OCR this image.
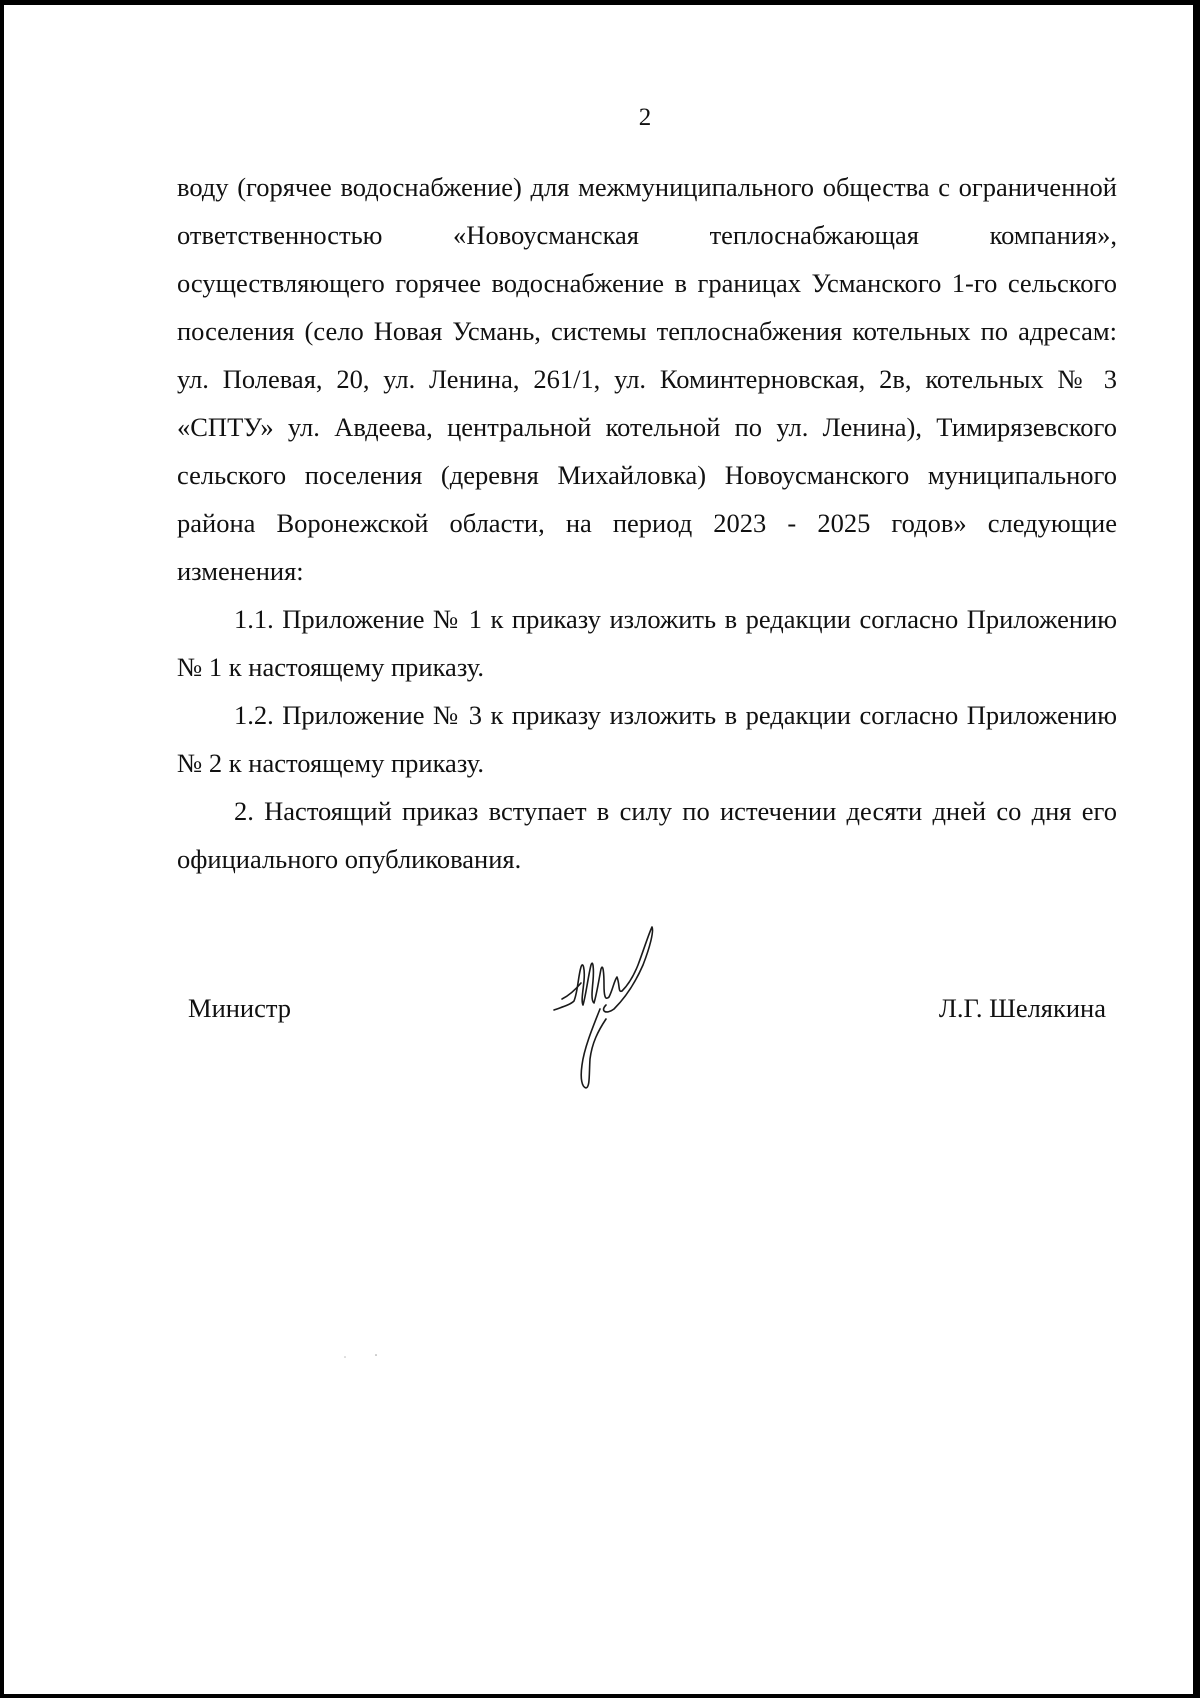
2

воду (горячее водоснабжение) для межмуниципального общества с ограниченной ответственностью «Новоусманская теплоснабжающая компания», осуществляющего горячее водоснабжение в границах Усманского 1-го сельского поселения (село Новая Усмань, системы теплоснабжения котельных по адресам: ул. Полевая, 20, ул. Ленина, 261/1, ул. Коминтерновская, 2в, котельных № 3 «СПТУ» ул. Авдеева, центральной котельной по ул. Ленина), Тимирязевского сельского поселения (деревня Михайловка) Новоусманского муниципального района Воронежской области, на период 2023 - 2025 годов» следующие изменения:

1.1. Приложение № 1 к приказу изложить в редакции согласно Приложению № 1 к настоящему приказу.

1.2. Приложение № 3 к приказу изложить в редакции согласно Приложению № 2 к настоящему приказу.

2. Настоящий приказ вступает в силу по истечении десяти дней со дня его официального опубликования.

Министр	Л.Г. Шелякина
